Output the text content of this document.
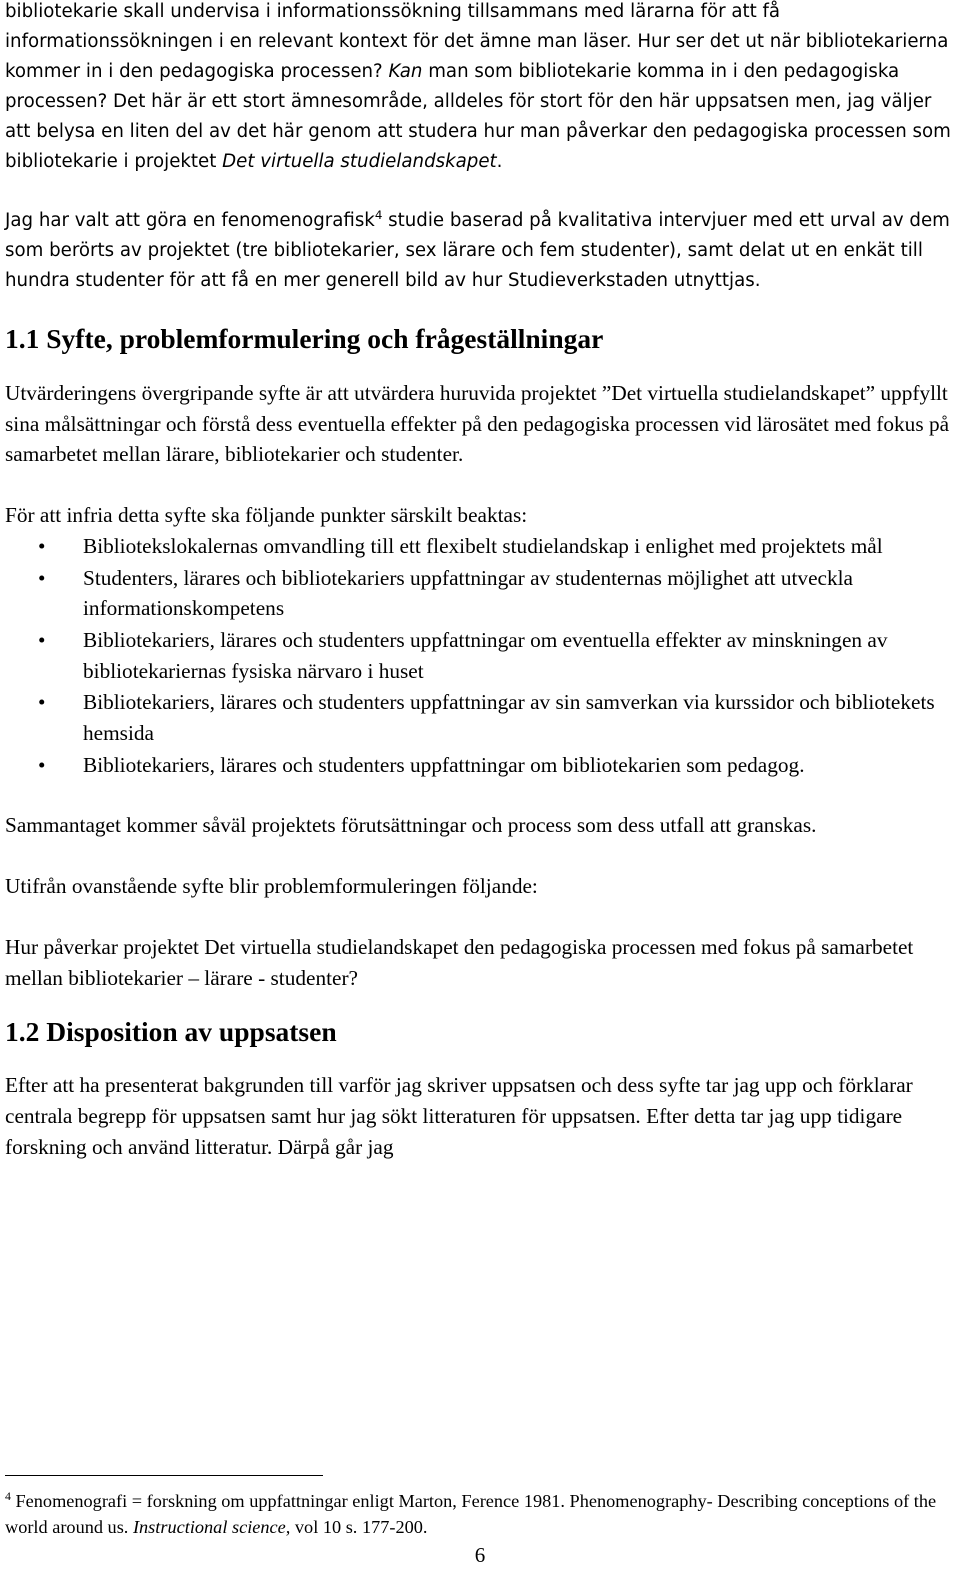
bibliotekarie skall undervisa i informationssökning tillsammans med lärarna för att få informationssökningen i en relevant kontext för det ämne man läser. Hur ser det ut när bibliotekarierna kommer in i den pedagogiska processen? Kan man som bibliotekarie komma in i den pedagogiska processen? Det här är ett stort ämnesområde, alldeles för stort för den här uppsatsen men, jag väljer att belysa en liten del av det här genom att studera hur man påverkar den pedagogiska processen som bibliotekarie i projektet Det virtuella studielandskapet.

Jag har valt att göra en fenomenografisk$^4$ studie baserad på kvalitativa intervjuer med ett urval av dem som berörts av projektet (tre bibliotekarier, sex lärare och fem studenter), samt delat ut en enkät till hundra studenter för att få en mer generell bild av hur Studieverkstaden utnyttjas.

1.1 Syfte, problemformulering och frågeställningar

Utvärderingens övergripande syfte är att utvärdera huruvida projektet ”Det virtuella studielandskapet” uppfyllt sina målsättningar och förstå dess eventuella effekter på den pedagogiska processen vid lärosätet med fokus på samarbetet mellan lärare, bibliotekarier och studenter.

För att infria detta syfte ska följande punkter särskilt beaktas:

• Bibliotekslokalernas omvandling till ett flexibelt studielandskap i enlighet med projektets mål
• Studenters, lärares och bibliotekariers uppfattningar av studenternas möjlighet att utveckla informationskompetens
• Bibliotekariers, lärares och studenters uppfattningar om eventuella effekter av minskningen av bibliotekariernas fysiska närvaro i huset
• Bibliotekariers, lärares och studenters uppfattningar av sin samverkan via kurssidor och bibliotekets hemsida
• Bibliotekariers, lärares och studenters uppfattningar om bibliotekarien som pedagog.

Sammantaget kommer såväl projektets förutsättningar och process som dess utfall att granskas.

Utifrån ovanstående syfte blir problemformuleringen följande:

Hur påverkar projektet Det virtuella studielandskapet den pedagogiska processen med fokus på samarbetet mellan bibliotekarier – lärare - studenter?

1.2 Disposition av uppsatsen

Efter att ha presenterat bakgrunden till varför jag skriver uppsatsen och dess syfte tar jag upp och förklarar centrala begrepp för uppsatsen samt hur jag sökt litteraturen för uppsatsen. Efter detta tar jag upp tidigare forskning och använd litteratur. Därpå går jag

$^4$ Fenomenografi = forskning om uppfattningar enligt Marton, Ference 1981. Phenomenography- Describing conceptions of the world around us. Instructional science, vol 10 s. 177-200.
6
